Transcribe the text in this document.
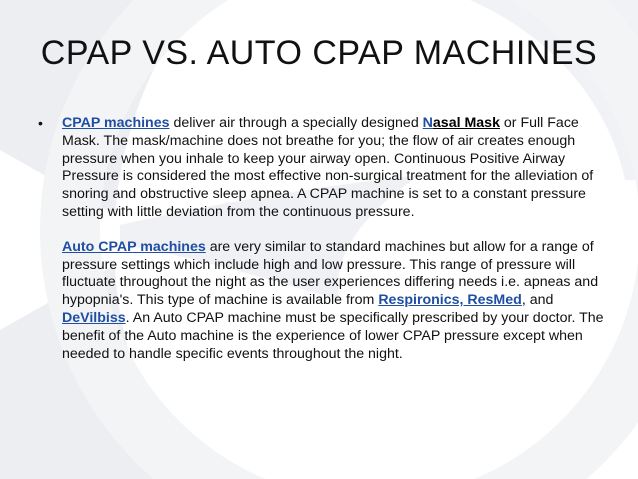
CPAP VS. AUTO CPAP MACHINES
•	CPAP machines deliver air through a specially designed Nasal Mask or Full Face Mask. The mask/machine does not breathe for you; the flow of air creates enough pressure when you inhale to keep your airway open. Continuous Positive Airway Pressure is considered the most effective non-surgical treatment for the alleviation of snoring and obstructive sleep apnea. A CPAP machine is set to a constant pressure setting with little deviation from the continuous pressure.

Auto CPAP machines are very similar to standard machines but allow for a range of pressure settings which include high and low pressure. This range of pressure will fluctuate throughout the night as the user experiences differing needs i.e. apneas and hypopnia's. This type of machine is available from Respironics, ResMed, and DeVilbiss. An Auto CPAP machine must be specifically prescribed by your doctor. The benefit of the Auto machine is the experience of lower CPAP pressure except when needed to handle specific events throughout the night.
